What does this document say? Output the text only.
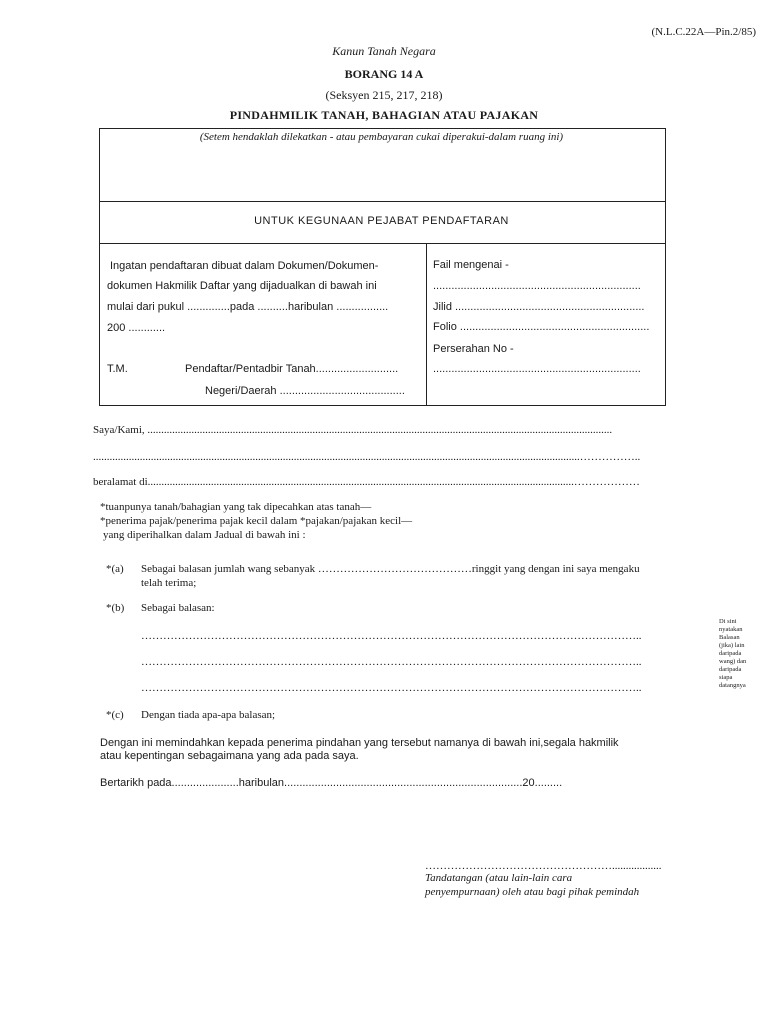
(N.L.C.22A—Pin.2/85)
Kanun Tanah Negara
BORANG 14 A
(Seksyen 215, 217, 218)
PINDAHMILIK TANAH, BAHAGIAN ATAU PAJAKAN
(Setem hendaklah dilekatkan - atau pembayaran cukai diperakui-dalam ruang ini)
UNTUK KEGUNAAN PEJABAT PENDAFTARAN
Ingatan pendaftaran dibuat dalam Dokumen/Dokumen-
dokumen Hakmilik Daftar yang dijadualkan di bawah ini
mulai dari pukul ..............pada ..........haribulan .................
200 ............
T.M.	Pendaftar/Pentadbir Tanah...........................
Negeri/Daerah .........................................
Fail mengenai -
....................................................................
Jilid ..............................................................
Folio ..............................................................
Perserahan No -
....................................................................
Saya/Kami, .........................................................................................................................................................................
.................................................................................................................................................................................……………..
beralamat di...........................................................................................................................................................………………
*tuanpunya tanah/bahagian yang tak dipecahkan atas tanah—
*penerima pajak/penerima pajak kecil dalam *pajakan/pajakan kecil—
yang diperihalkan dalam Jadual di bawah ini :
*(a) Sebagai balasan jumlah wang sebanyak ……………………………………ringgit yang dengan ini saya mengaku
telah terima;
*(b) Sebagai balasan:
………………………………………………………………………………………………………………………..
………………………………………………………………………………………………………………………..
………………………………………………………………………………………………………………………..
*(c) Dengan tiada apa-apa balasan;
Dengan ini memindahkan kepada penerima pindahan yang tersebut namanya di bawah ini,segala hakmilik
atau kepentingan sebagaimana yang ada pada saya.
Bertarikh pada......................haribulan..............................................................................20.........
……………………………………………..................
Tandatangan (atau lain-lain cara
penyempurnaan) oleh atau bagi pihak pemindah
Di sini nyatakan Balasan (jika) lain daripada wang) dan daripada siapa datangnya
